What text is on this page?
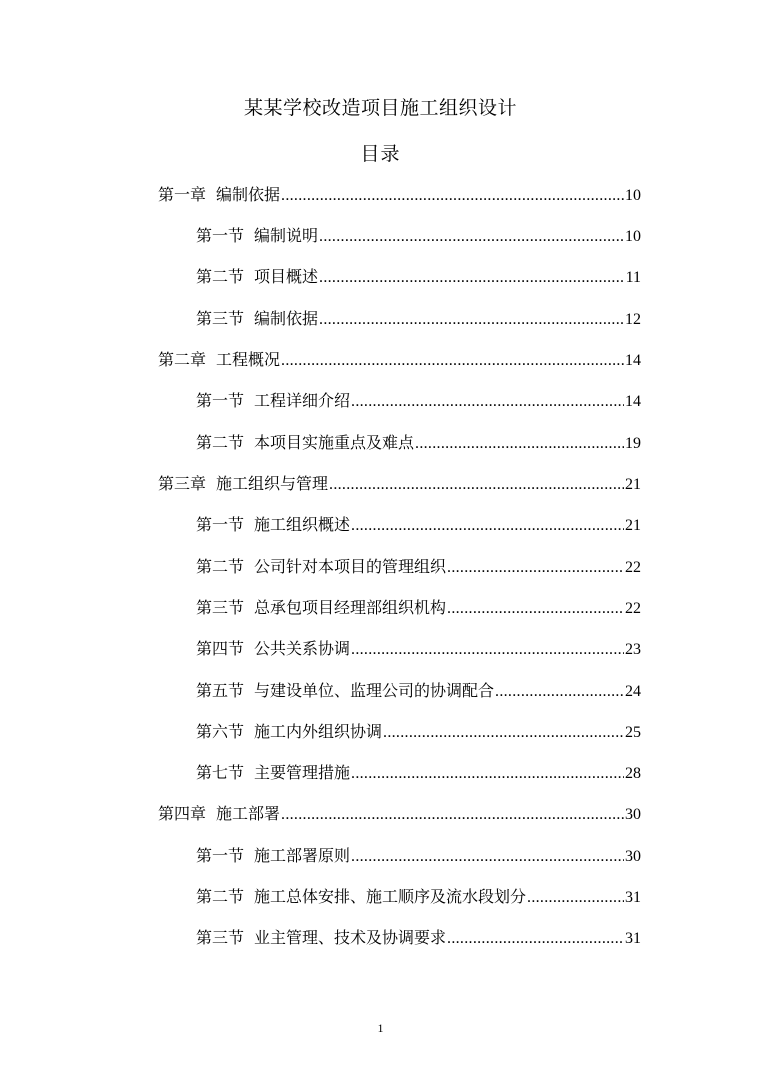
某某学校改造项目施工组织设计
目录
第一章 编制依据 .....	10
第一节 编制说明 .....	10
第二节 项目概述 .....	11
第三节 编制依据 .....	12
第二章 工程概况 .....	14
第一节 工程详细介绍 .....	14
第二节 本项目实施重点及难点 .....	19
第三章 施工组织与管理 .....	21
第一节 施工组织概述 .....	21
第二节 公司针对本项目的管理组织 .....	22
第三节 总承包项目经理部组织机构 .....	22
第四节 公共关系协调 .....	23
第五节 与建设单位、监理公司的协调配合 .....	24
第六节 施工内外组织协调 .....	25
第七节 主要管理措施 .....	28
第四章 施工部署 .....	30
第一节 施工部署原则 .....	30
第二节 施工总体安排、施工顺序及流水段划分 .....	31
第三节 业主管理、技术及协调要求 .....	31
1
